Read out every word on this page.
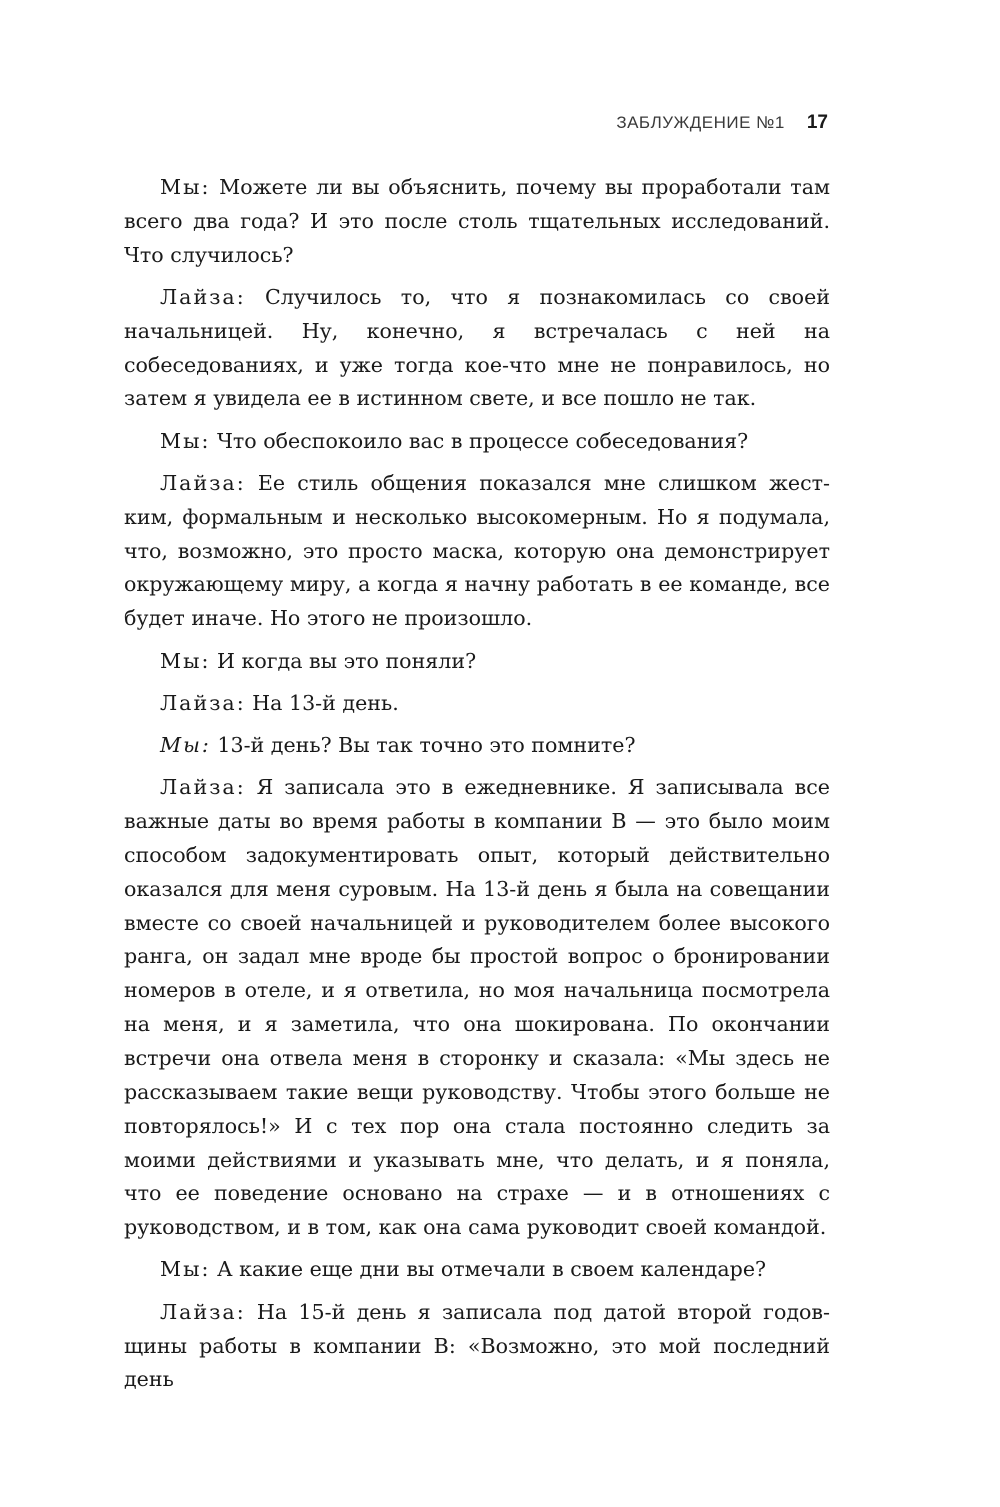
ЗАБЛУЖДЕНИЕ №1 17

Мы: Можете ли вы объяснить, почему вы проработали там всего два года? И это после столь тщательных исследований. Что случилось?

Лайза: Случилось то, что я познакомилась со своей начальницей. Ну, конечно, я встречалась с ней на собеседованиях, и уже тогда кое-что мне не понравилось, но затем я увидела ее в истинном свете, и все пошло не так.

Мы: Что обеспокоило вас в процессе собеседования?

Лайза: Ее стиль общения показался мне слишком жестким, формальным и несколько высокомерным. Но я подумала, что, возможно, это просто маска, которую она демонстрирует окружающему миру, а когда я начну работать в ее команде, все будет иначе. Но этого не произошло.

Мы: И когда вы это поняли?

Лайза: На 13-й день.

Мы: 13-й день? Вы так точно это помните?

Лайза: Я записала это в ежедневнике. Я записывала все важные даты во время работы в компании В — это было моим способом задокументировать опыт, который действительно оказался для меня суровым. На 13-й день я была на совещании вместе со своей начальницей и руководителем более высокого ранга, он задал мне вроде бы простой вопрос о бронировании номеров в отеле, и я ответила, но моя начальница посмотрела на меня, и я заметила, что она шокирована. По окончании встречи она отвела меня в сторонку и сказала: «Мы здесь не рассказываем такие вещи руководству. Чтобы этого больше не повторялось!» И с тех пор она стала постоянно следить за моими действиями и указывать мне, что делать, и я поняла, что ее поведение основано на страхе — и в отношениях с руководством, и в том, как она сама руководит своей командой.

Мы: А какие еще дни вы отмечали в своем календаре?

Лайза: На 15-й день я записала под датой второй годовщины работы в компании В: «Возможно, это мой последний день
